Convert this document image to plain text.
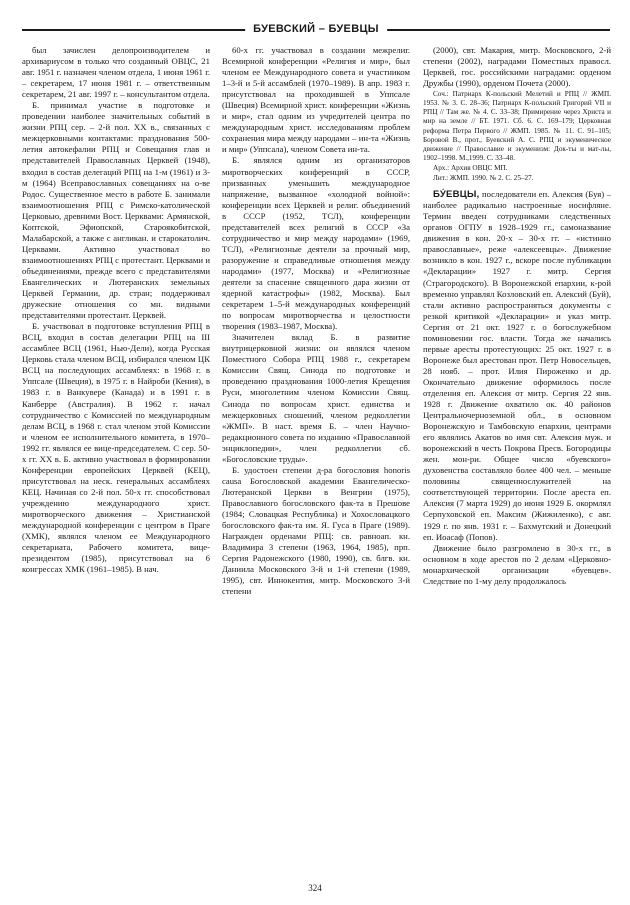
БУЕВСКИЙ – БУЕВЦЫ

был зачислен делопроизводителем и архивариусом в только что созданный ОВЦС, 21 авг. 1951 г. назначен членом отдела, 1 июня 1961 г. – секретарем, 17 июня 1981 г. – ответственным секретарем, 21 авг. 1997 г. – консультантом отдела.

Б. принимал участие в подготовке и проведении наиболее значительных событий в жизни РПЦ сер. – 2-й пол. ХХ в., связанных с межцерковными контактами: празднования 500-летия автокефалии РПЦ и Совещания глав и представителей Православных Церквей (1948), входил в состав делегаций РПЦ на 1-м (1961) и 3-м (1964) Всеправославных совещаниях на о-ве Родос. Существенное место в работе Б. занимали взаимоотношения РПЦ с Римско-католической Церковью, древними Вост. Церквами: Армянской, Коптской, Эфиопской, Староякобитской, Малабарской, а также с англикан. и старокатолич. Церквами. Активно участвовал во взаимоотношениях РПЦ с протестант. Церквами и объединениями, прежде всего с представителями Евангелических и Лютеранских земельных Церквей Германии, др. стран; поддерживал дружеские отношения со мн. видными представителями протестант. Церквей.

Б. участвовал в подготовке вступления РПЦ в ВСЦ, входил в состав делегации РПЦ на III ассамблее ВСЦ (1961, Нью-Дели), когда Русская Церковь стала членом ВСЦ, избирался членом ЦК ВСЦ на последующих ассамблеях: в 1968 г. в Уппсале (Швеция), в 1975 г. в Найроби (Кения), в 1983 г. в Ванкувере (Канада) и в 1991 г. в Канберре (Австралия). В 1962 г. начал сотрудничество с Комиссией по международным делам ВСЦ, в 1968 г. стал членом этой Комиссии и членом ее исполнительного комитета, в 1970–1992 гг. являлся ее вице-председателем. С сер. 50-х гг. ХХ в. Б. активно участвовал в формировании Конференции европейских Церквей (КЕЦ), присутствовал на неск. генеральных ассамблеях КЕЦ. Начиная со 2-й пол. 50-х гг. способствовал учреждению международного христ. миротворческого движения – Христианской международной конференции с центром в Праге (ХМК), являлся членом ее Международного секретариата, Рабочего комитета, вице-президентом (1985), присутствовал на 6 конгрессах ХМК (1961–1985). В нач.

60-х гг. участвовал в создании межрелиг. Всемирной конференции «Религия и мир», был членом ее Международного совета и участником 1–3-й и 5-й ассамблей (1970–1989). В апр. 1983 г. присутствовал на проходившей в Уппсале (Швеция) Всемирной христ. конференции «Жизнь и мир», стал одним из учредителей центра по международным христ. исследованиям проблем сохранения мира между народами – ин-та «Жизнь и мир» (Уппсала), членом Совета ин-та.

Б. являлся одним из организаторов миротворческих конференций в СССР, призванных уменьшить международное напряжение, вызванное «холодной войной»: конференции всех Церквей и религ. объединений в СССР (1952, ТСЛ), конференции представителей всех религий в СССР «За сотрудничество и мир между народами» (1969, ТСЛ), «Религиозные деятели за прочный мир, разоружение и справедливые отношения между народами» (1977, Москва) и «Религиозные деятели за спасение священного дара жизни от ядерной катастрофы» (1982, Москва). Был секретарем 1–5-й международных конференций по вопросам миротворчества и целостности творения (1983–1987, Москва).

Значителен вклад Б. в развитие внутрицерковной жизни: он являлся членом Поместного Собора РПЦ 1988 г., секретарем Комиссии Свящ. Синода по подготовке и проведению празднования 1000-летия Крещения Руси, многолетним членом Комиссии Свящ. Синода по вопросам христ. единства и межцерковных сношений, членом редколлегии «ЖМП». В наст. время Б. – член Научно-редакционного совета по изданию «Православной энциклопедии», член редколлегии сб. «Богословские труды».

Б. удостоен степени д-ра богословия honoris causa Богословской академии Евангелическо-Лютеранской Церкви в Венгрии (1975), Православного богословского фак-та в Прешове (1984; Словацкая Республика) и Хохословацкого богословского фак-та им. Я. Гуса в Праге (1989). Награжден орденами РПЦ: св. равноап. кн. Владимира 3 степени (1963, 1964, 1985), прп. Сергия Радонежского (1980, 1990), св. блгв. кн. Даниила Московского 3-й и 1-й степени (1989, 1995), свт. Иннокентия, митр. Московского 3-й степени

(2000), свт. Макария, митр. Московского, 2-й степени (2002), наградами Поместных правосл. Церквей, гос. российскими наградами: орденом Дружбы (1990), орденом Почета (2000).

Соч.: Патриарх К-польский Мелетий и РПЦ // ЖМП. 1953. № 3. С. 28–36; Патриарх К-польский Григорий VII и РПЦ // Там же. № 4. С. 33–38; Примирение через Христа и мир на земле // БТ. 1971. Сб. 6. С. 169–179; Церковная реформа Петра Первого // ЖМП. 1985. № 11. С. 91–105; Боровой В., прот., Буевский А. С. РПЦ и экуменическое движение // Православие и экуменизм: Док-ты и мат-лы, 1902–1998. М.,1999. С. 33–48.

Арх.: Архив ОВЦС МП.

Лит.: ЖМП. 1990. № 2. С. 25–27.

БУ́ЕВЦЫ, последователи еп. Алексия (Буя) – наиболее радикально настроенные иосифляне. Термин введен сотрудниками следственных органов ОГПУ в 1928–1929 гг., самоназвание движения в кон. 20-х – 30-х гг. – «истинно православные», реже «алексеевцы». Движение возникло в кон. 1927 г., вскоре после публикации «Декларации» 1927 г. митр. Сергия (Страгородского). В Воронежской епархии, к-рой временно управлял Козловский еп. Алексий (Буй), стали активно распространяться документы с резкой критикой «Декларации» и указ митр. Сергия от 21 окт. 1927 г. о богослужебном поминовении гос. власти. Тогда же начались первые аресты протестующих: 25 окт. 1927 г. в Воронеже был арестован прот. Петр Новосельцев, 28 нояб. – прот. Илия Пироженко и др. Окончательно движение оформилось после отделения еп. Алексия от митр. Сергия 22 янв. 1928 г. Движение охватило ок. 40 районов Центральночерноземной обл., в основном Воронежскую и Тамбовскую епархии, центрами его являлись Акатов во имя свт. Алексия муж. и воронежский в честь Покрова Пресв. Богородицы жен. мон-ри. Общее число «буевского» духовенства составляло более 400 чел. – меньше половины священнослужителей на соответствующей территории. После ареста еп. Алексия (7 марта 1929) до июня 1929 Б. окормлял Серпуховской еп. Максим (Жижиленко), с авг. 1929 г. по янв. 1931 г. – Бахмутский и Донецкий еп. Иоасаф (Попов).

Движение было разгромлено в 30-х гг., в основном в ходе арестов по 2 делам «Церковно-монархической организации «буевцев». Следствие по 1-му делу продолжалось

324
